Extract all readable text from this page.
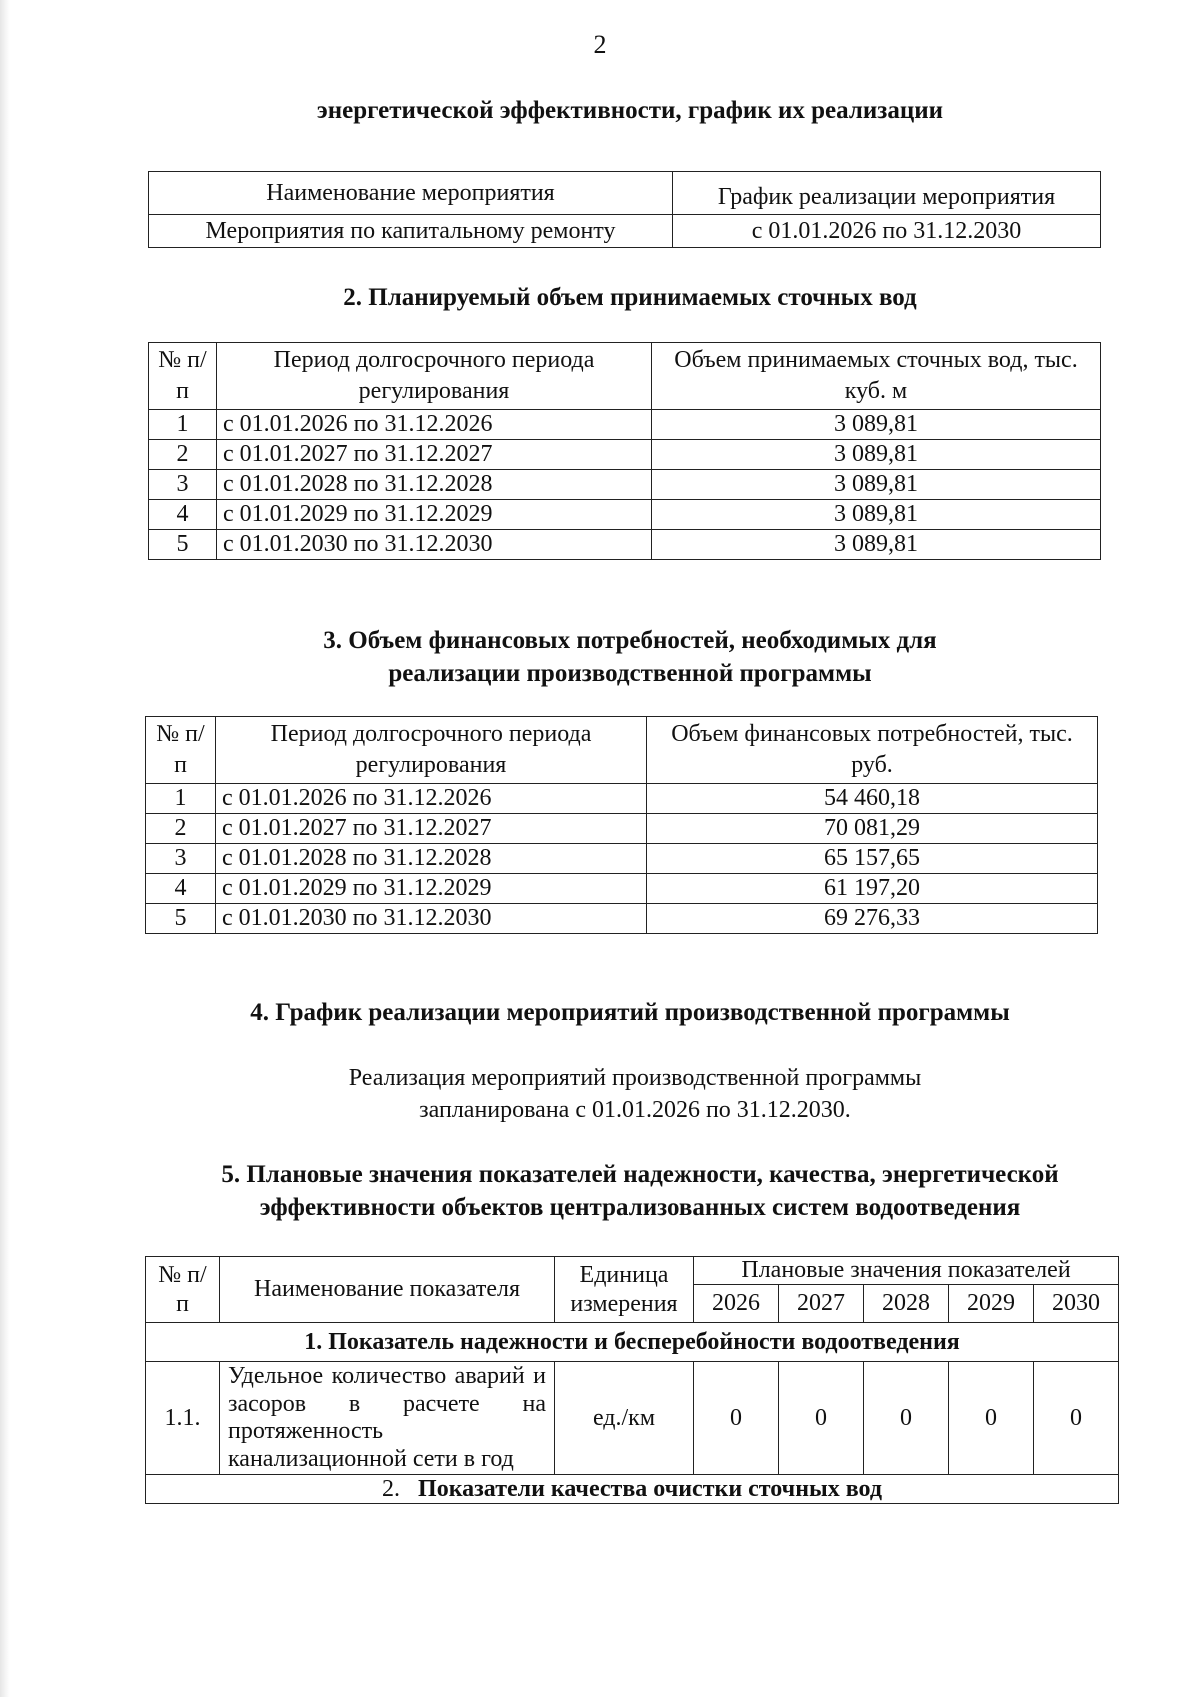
2
энергетической эффективности, график их реализации
Наименование мероприятия	График реализации мероприятия
Мероприятия по капитальному ремонту	с 01.01.2026 по 31.12.2030
2. Планируемый объем принимаемых сточных вод
№ п/п	Период долгосрочного периода регулирования	Объем принимаемых сточных вод, тыс. куб. м
1	с 01.01.2026 по 31.12.2026	3 089,81
2	с 01.01.2027 по 31.12.2027	3 089,81
3	с 01.01.2028 по 31.12.2028	3 089,81
4	с 01.01.2029 по 31.12.2029	3 089,81
5	с 01.01.2030 по 31.12.2030	3 089,81
3. Объем финансовых потребностей, необходимых для
реализации производственной программы
№ п/п	Период долгосрочного периода регулирования	Объем финансовых потребностей, тыс. руб.
1	с 01.01.2026 по 31.12.2026	54 460,18
2	с 01.01.2027 по 31.12.2027	70 081,29
3	с 01.01.2028 по 31.12.2028	65 157,65
4	с 01.01.2029 по 31.12.2029	61 197,20
5	с 01.01.2030 по 31.12.2030	69 276,33
4. График реализации мероприятий производственной программы
Реализация мероприятий производственной программы
запланирована с 01.01.2026 по 31.12.2030.
5. Плановые значения показателей надежности, качества, энергетической
эффективности объектов централизованных систем водоотведения
№ п/п	Наименование показателя	Единица измерения	Плановые значения показателей				
			2026	2027	2028	2029	2030
1. Показатель надежности и бесперебойности водоотведения							
1.1.	Удельное количество аварий и засоров в расчете на протяженность канализационной сети в год	ед./км	0	0	0	0	0
2. Показатели качества очистки сточных вод							
